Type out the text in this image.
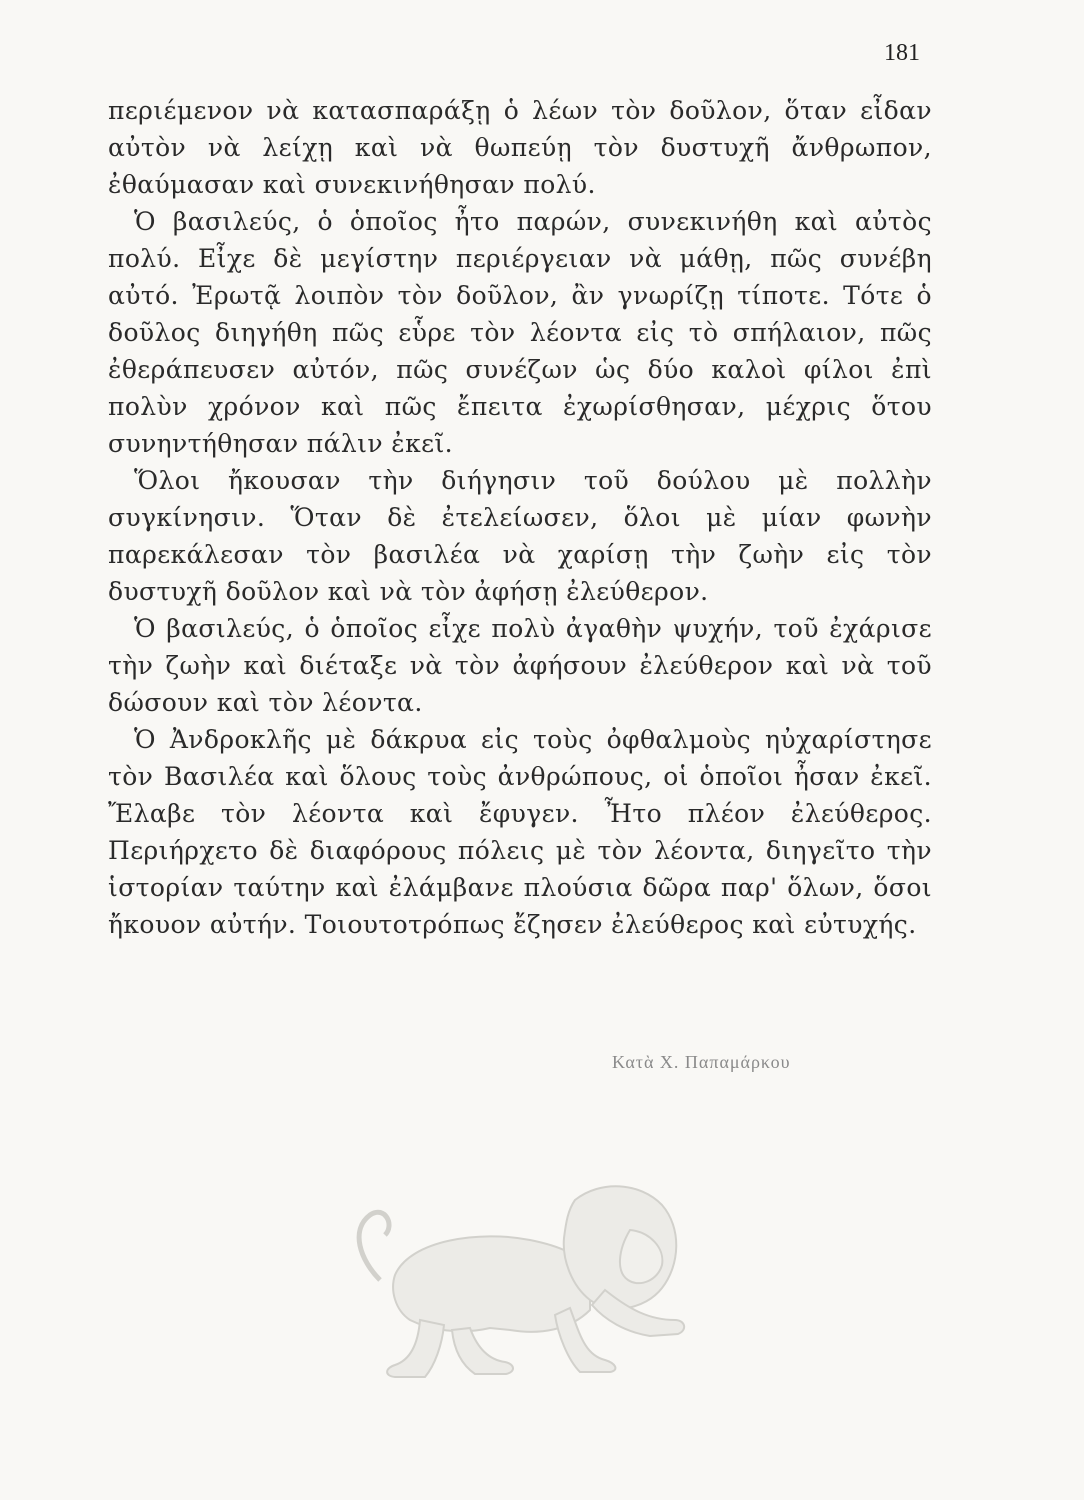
181

περιέμενον νὰ κατασπαράξῃ ὁ λέων τὸν δοῦλον, ὅταν εἶδαν αὐτὸν νὰ λείχῃ καὶ νὰ θωπεύῃ τὸν δυστυχῆ ἄνθρωπον, ἐθαύμασαν καὶ συνεκινήθησαν πολύ.

Ὁ βασιλεύς, ὁ ὁποῖος ἦτο παρών, συνεκινήθη καὶ αὐτὸς πολύ. Εἶχε δὲ μεγίστην περιέργειαν νὰ μάθῃ, πῶς συνέβη αὐτό. Ἐρωτᾷ λοιπὸν τὸν δοῦλον, ἂν γνωρίζῃ τίποτε. Τότε ὁ δοῦλος διηγήθη πῶς εὗρε τὸν λέοντα εἰς τὸ σπήλαιον, πῶς ἐθεράπευσεν αὐτόν, πῶς συνέζων ὡς δύο καλοὶ φίλοι ἐπὶ πολὺν χρόνον καὶ πῶς ἔπειτα ἐχωρίσθησαν, μέχρις ὅτου συνηντήθησαν πάλιν ἐκεῖ.

Ὅλοι ἤκουσαν τὴν διήγησιν τοῦ δούλου μὲ πολλὴν συγκίνησιν. Ὅταν δὲ ἐτελείωσεν, ὅλοι μὲ μίαν φωνὴν παρεκάλεσαν τὸν βασιλέα νὰ χαρίσῃ τὴν ζωὴν εἰς τὸν δυστυχῆ δοῦλον καὶ νὰ τὸν ἀφήσῃ ἐλεύθερον.

Ὁ βασιλεύς, ὁ ὁποῖος εἶχε πολὺ ἀγαθὴν ψυχήν, τοῦ ἐχάρισε τὴν ζωὴν καὶ διέταξε νὰ τὸν ἀφήσουν ἐλεύθερον καὶ νὰ τοῦ δώσουν καὶ τὸν λέοντα.

Ὁ Ἀνδροκλῆς μὲ δάκρυα εἰς τοὺς ὀφθαλμοὺς ηὐχαρίστησε τὸν Βασιλέα καὶ ὅλους τοὺς ἀνθρώπους, οἱ ὁποῖοι ἦσαν ἐκεῖ. Ἔλαβε τὸν λέοντα καὶ ἔφυγεν. Ἦτο πλέον ἐλεύθερος. Περιήρχετο δὲ διαφόρους πόλεις μὲ τὸν λέοντα, διηγεῖτο τὴν ἱστορίαν ταύτην καὶ ἐλάμβανε πλούσια δῶρα παρ' ὅλων, ὅσοι ἤκουον αὐτήν. Τοιουτοτρόπως ἔζησεν ἐλεύθερος καὶ εὐτυχής.

Κατὰ Χ. Παπαμάρκου
